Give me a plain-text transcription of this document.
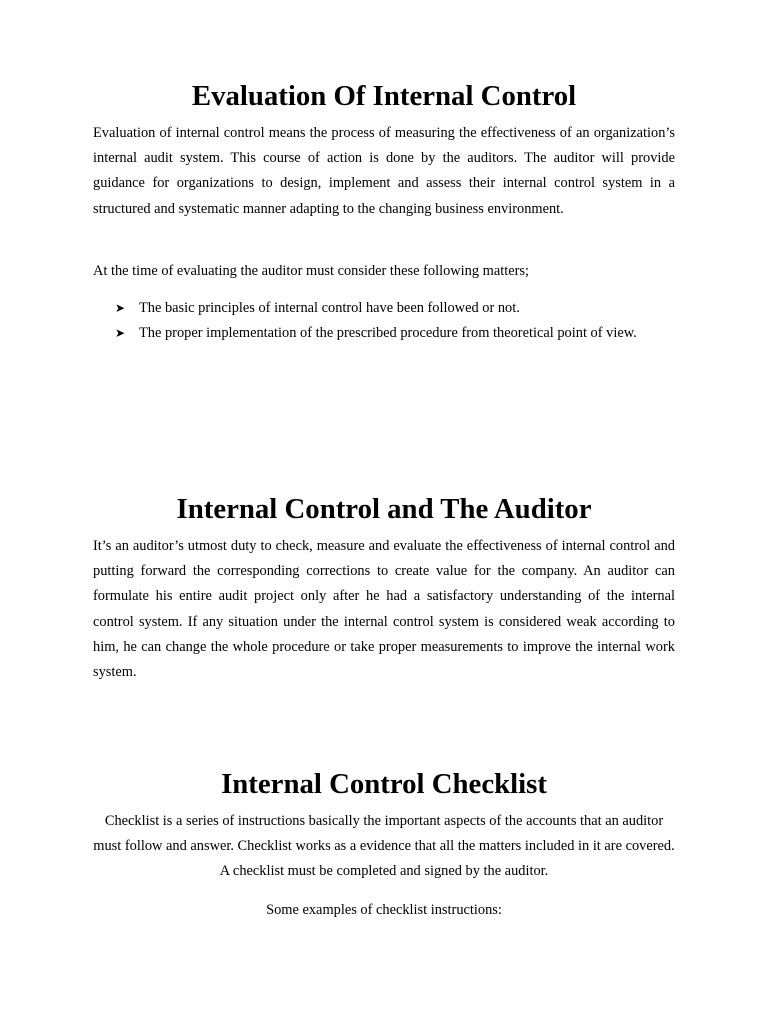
Evaluation Of Internal Control

Evaluation of internal control means the process of measuring the effectiveness of an organization’s internal audit system. This course of action is done by the auditors. The auditor will provide guidance for organizations to design, implement and assess their internal control system in a structured and systematic manner adapting to the changing business environment.

At the time of evaluating the auditor must consider these following matters;

➤ The basic principles of internal control have been followed or not.
➤ The proper implementation of the prescribed procedure from theoretical point of view.
Internal Control and The Auditor

It’s an auditor’s utmost duty to check, measure and evaluate the effectiveness of internal control and putting forward the corresponding corrections to create value for the company. An auditor can formulate his entire audit project only after he had a satisfactory understanding of the internal control system. If any situation under the internal control system is considered weak according to him, he can change the whole procedure or take proper measurements to improve the internal work system.

Internal Control Checklist

Checklist is a series of instructions basically the important aspects of the accounts that an auditor must follow and answer. Checklist works as a evidence that all the matters included in it are covered. A checklist must be completed and signed by the auditor.

Some examples of checklist instructions:
